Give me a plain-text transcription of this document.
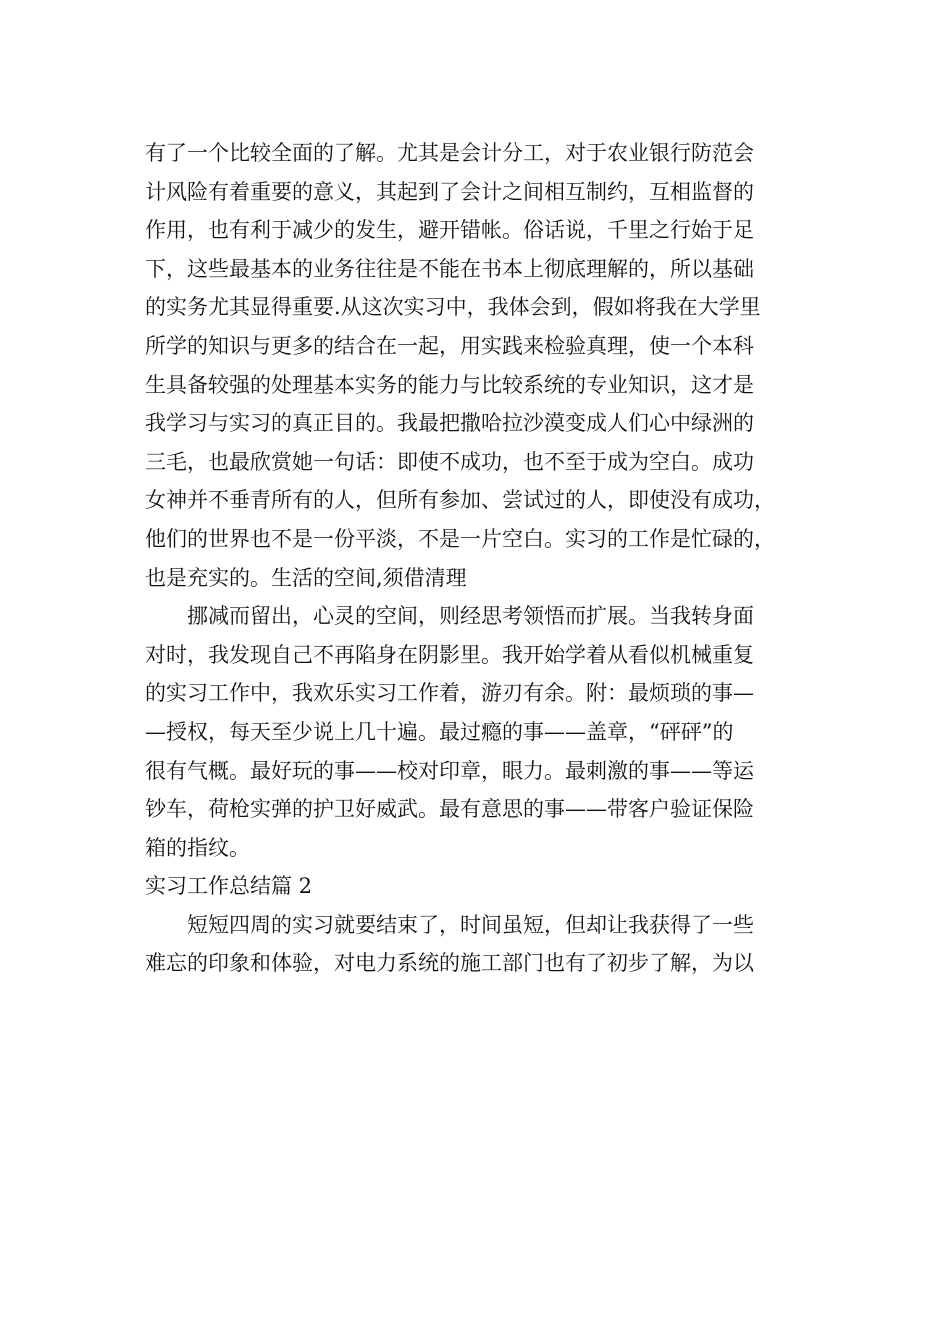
有了一个比较全面的了解。尤其是会计分工，对于农业银行防范会
计风险有着重要的意义，其起到了会计之间相互制约，互相监督的
作用，也有利于减少的发生，避开错帐。俗话说，千里之行始于足
下，这些最基本的业务往往是不能在书本上彻底理解的，所以基础
的实务尤其显得重要.从这次实习中，我体会到，假如将我在大学里
所学的知识与更多的结合在一起，用实践来检验真理，使一个本科
生具备较强的处理基本实务的能力与比较系统的专业知识，这才是
我学习与实习的真正目的。我最把撒哈拉沙漠变成人们心中绿洲的
三毛，也最欣赏她一句话：即使不成功，也不至于成为空白。成功
女神并不垂青所有的人，但所有参加、尝试过的人，即使没有成功，
他们的世界也不是一份平淡，不是一片空白。实习的工作是忙碌的，
也是充实的。生活的空间,须借清理
挪减而留出，心灵的空间，则经思考领悟而扩展。当我转身面
对时，我发现自己不再陷身在阴影里。我开始学着从看似机械重复
的实习工作中，我欢乐实习工作着，游刃有余。附：最烦琐的事—
—授权，每天至少说上几十遍。最过瘾的事——盖章，“砰砰”的
很有气概。最好玩的事——校对印章，眼力。最刺激的事——等运
钞车，荷枪实弹的护卫好威武。最有意思的事——带客户验证保险
箱的指纹。
实习工作总结篇 2
短短四周的实习就要结束了，时间虽短，但却让我获得了一些
难忘的印象和体验，对电力系统的施工部门也有了初步了解，为以
